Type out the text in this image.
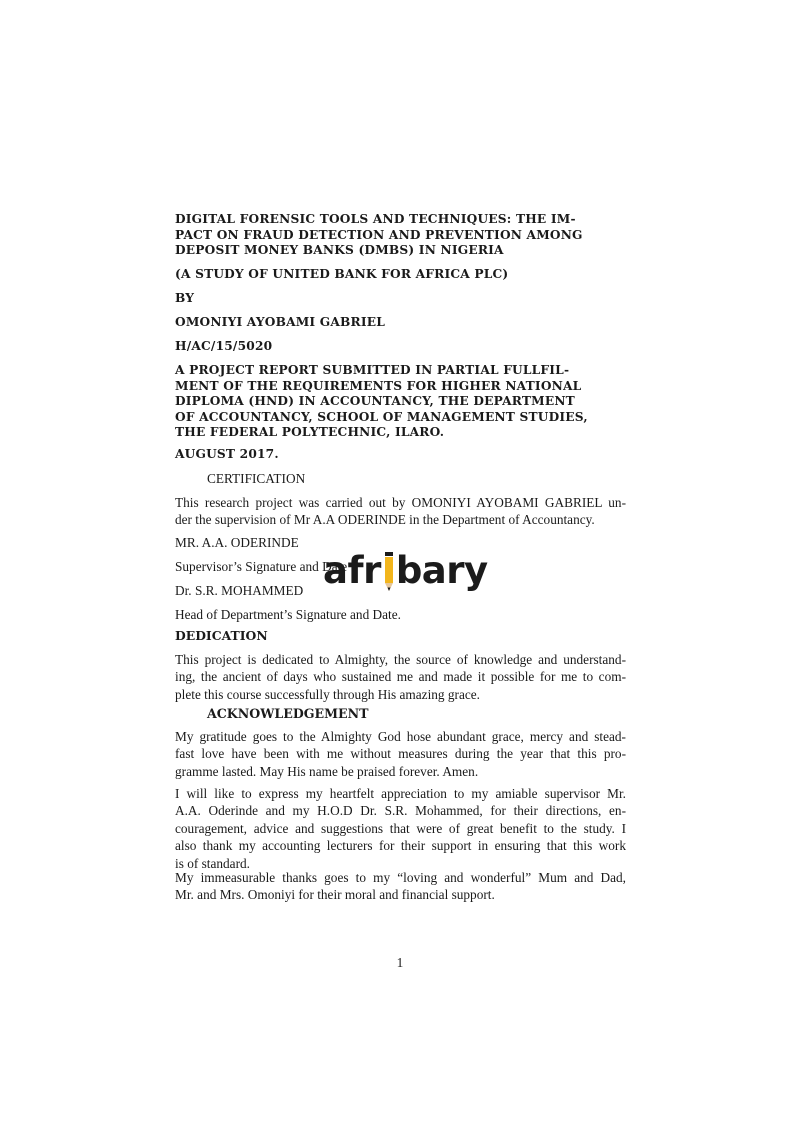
DIGITAL FORENSIC TOOLS AND TECHNIQUES: THE IM-
PACT ON FRAUD DETECTION AND PREVENTION AMONG
DEPOSIT MONEY BANKS (DMBS) IN NIGERIA
(A STUDY OF UNITED BANK FOR AFRICA PLC)
BY
OMONIYI AYOBAMI GABRIEL
H/AC/15/5020
A PROJECT REPORT SUBMITTED IN PARTIAL FULLFIL-
MENT OF THE REQUIREMENTS FOR HIGHER NATIONAL
DIPLOMA (HND) IN ACCOUNTANCY, THE DEPARTMENT
OF ACCOUNTANCY, SCHOOL OF MANAGEMENT STUDIES,
THE FEDERAL POLYTECHNIC, ILARO.
AUGUST 2017.
CERTIFICATION
This research project was carried out by OMONIYI AYOBAMI GABRIEL un-
der the supervision of Mr A.A ODERINDE in the Department of Accountancy.
MR. A.A. ODERINDE
Supervisor’s Signature and Date
Dr. S.R. MOHAMMED
Head of Department’s Signature and Date.
DEDICATION
This project is dedicated to Almighty, the source of knowledge and understand-
ing, the ancient of days who sustained me and made it possible for me to com-
plete this course successfully through His amazing grace.
ACKNOWLEDGEMENT
My gratitude goes to the Almighty God hose abundant grace, mercy and stead-
fast love have been with me without measures during the year that this pro-
gramme lasted. May His name be praised forever. Amen.
I will like to express my heartfelt appreciation to my amiable supervisor Mr.
A.A. Oderinde and my H.O.D Dr. S.R. Mohammed, for their directions, en-
couragement, advice and suggestions that were of great benefit to the study. I
also thank my accounting lecturers for their support in ensuring that this work
is of standard.
My immeasurable thanks goes to my “loving and wonderful” Mum and Dad,
Mr. and Mrs. Omoniyi for their moral and financial support.
afr bary
1
